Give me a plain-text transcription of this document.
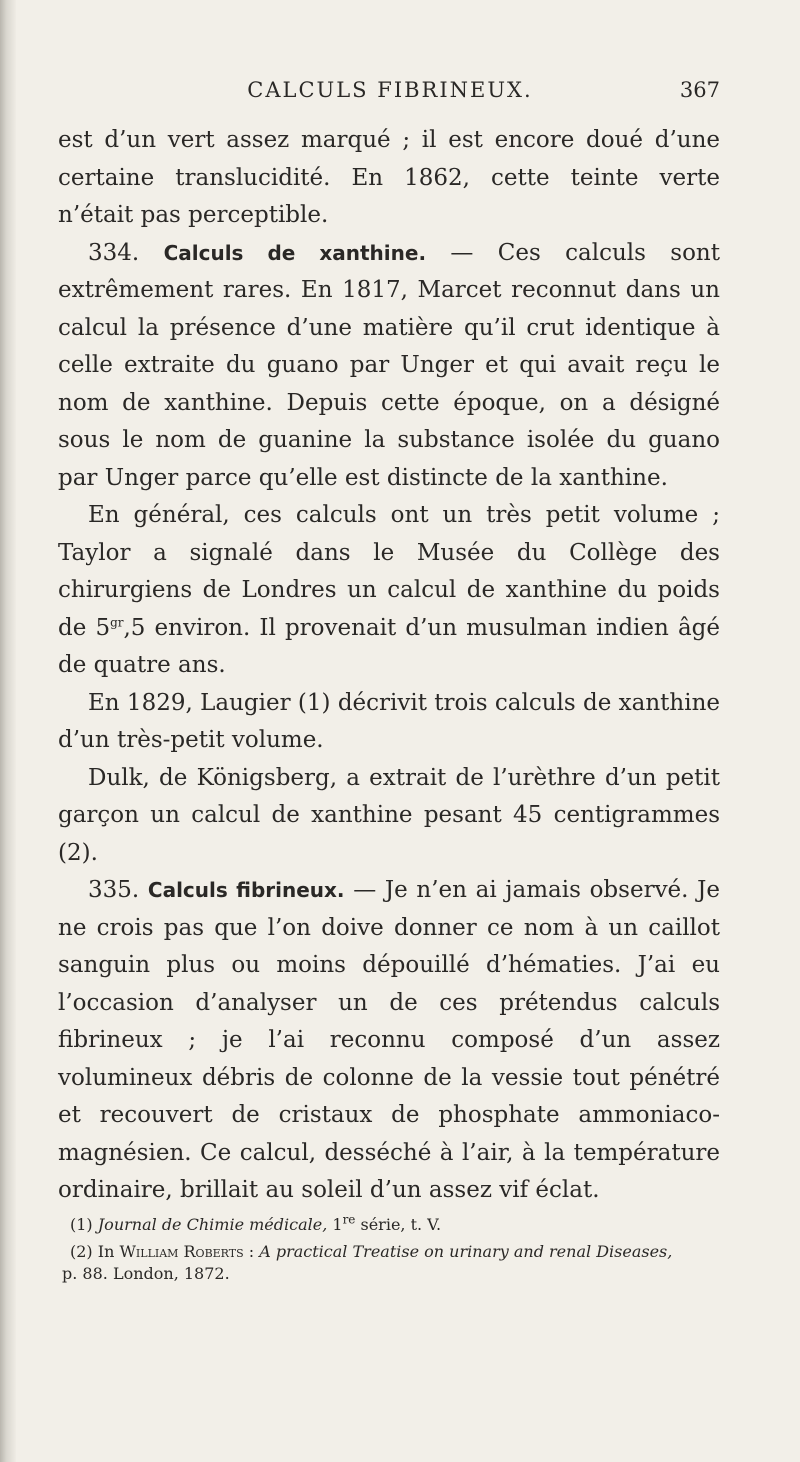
CALCULS FIBRINEUX.	367

est d’un vert assez marqué ; il est encore doué d’une certaine translucidité. En 1862, cette teinte verte n’était pas perceptible.

334. Calculs de xanthine. — Ces calculs sont extrêmement rares. En 1817, Marcet reconnut dans un calcul la présence d’une matière qu’il crut identique à celle extraite du guano par Unger et qui avait reçu le nom de xanthine. Depuis cette époque, on a désigné sous le nom de guanine la substance isolée du guano par Unger parce qu’elle est distincte de la xanthine.

En général, ces calculs ont un très petit volume ; Taylor a signalé dans le Musée du Collège des chirurgiens de Londres un calcul de xanthine du poids de $5^{gr},5$ environ. Il provenait d’un musulman indien âgé de quatre ans.

En 1829, Laugier (1) décrivit trois calculs de xanthine d’un très-petit volume.

Dulk, de Königsberg, a extrait de l’urèthre d’un petit garçon un calcul de xanthine pesant 45 centigrammes (2).

335. Calculs fibrineux. — Je n’en ai jamais observé. Je ne crois pas que l’on doive donner ce nom à un caillot sanguin plus ou moins dépouillé d’hématies. J’ai eu l’occasion d’analyser un de ces prétendus calculs fibrineux ; je l’ai reconnu composé d’un assez volumineux débris de colonne de la vessie tout pénétré et recouvert de cristaux de phosphate ammoniaco-magnésien. Ce calcul, desséché à l’air, à la température ordinaire, brillait au soleil d’un assez vif éclat.

(1) Journal de Chimie médicale, 1re série, t. V.

(2) In William Roberts : A practical Treatise on urinary and renal Diseases,

p. 88. London, 1872.
